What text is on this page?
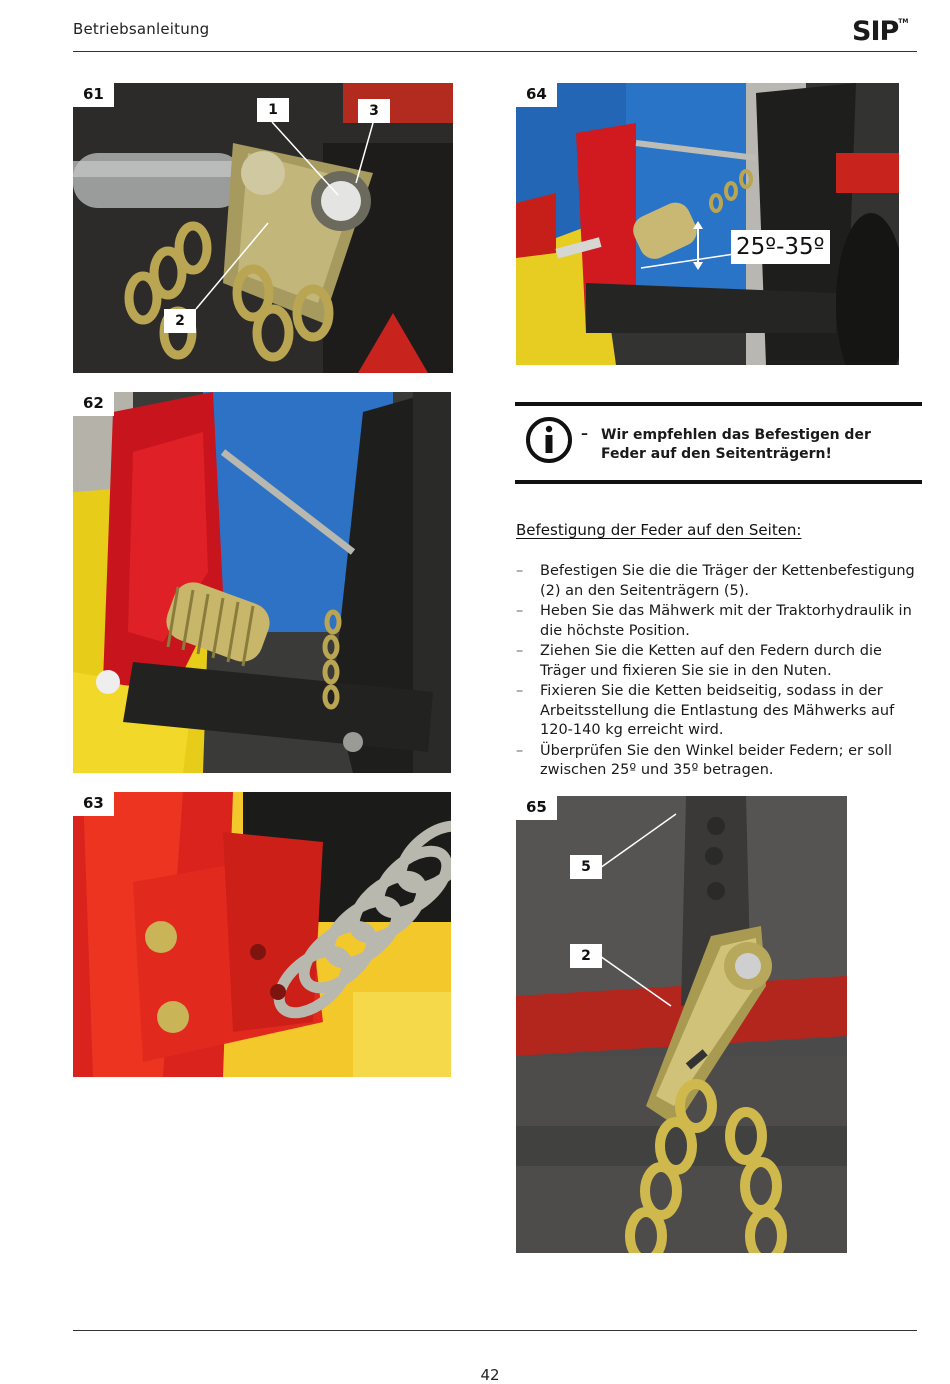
Betriebsanleitung	SIP™
61
1	3
2
62
63
64
25º-35º
– Wir empfehlen das Befestigen der Feder auf den Seitenträgern!
Befestigung der Feder auf den Seiten:
– Befestigen Sie die die Träger der Kettenbefestigung (2) an den Seitenträgern (5).
– Heben Sie das Mähwerk mit der Traktorhydraulik in die höchste Position.
– Ziehen Sie die Ketten auf den Federn durch die Träger und fixieren Sie sie in den Nuten.
– Fixieren Sie die Ketten beidseitig, sodass in der Arbeitsstellung die Entlastung des Mähwerks auf 120-140 kg erreicht wird.
– Überprüfen Sie den Winkel beider Federn; er soll zwischen 25º und 35º betragen.
65
5
2
42
